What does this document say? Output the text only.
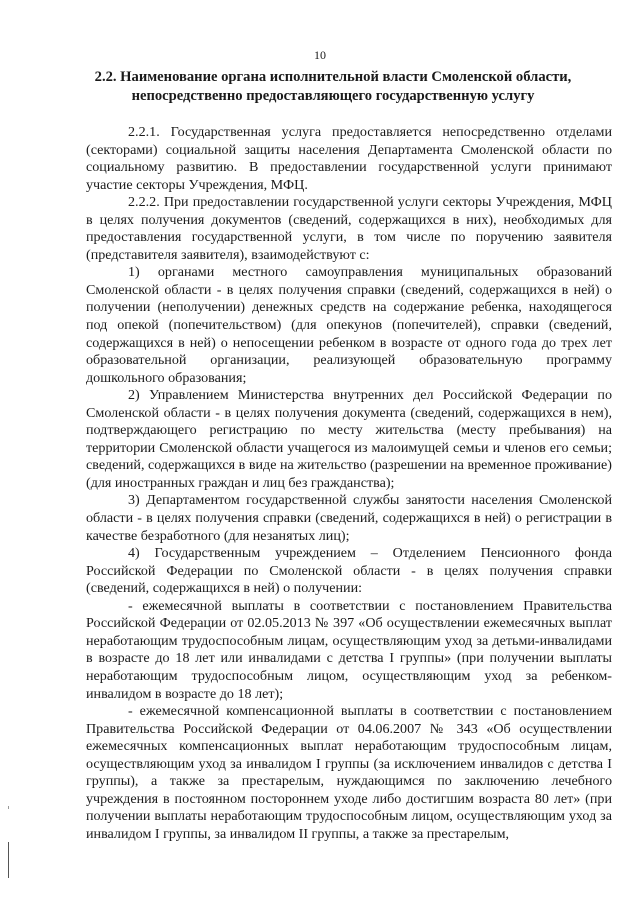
10
2.2. Наименование органа исполнительной власти Смоленской области,
непосредственно предоставляющего государственную услугу

2.2.1. Государственная услуга предоставляется непосредственно отделами (секторами) социальной защиты населения Департамента Смоленской области по социальному развитию. В предоставлении государственной услуги принимают участие секторы Учреждения, МФЦ.

2.2.2. При предоставлении государственной услуги секторы Учреждения, МФЦ в целях получения документов (сведений, содержащихся в них), необходимых для предоставления государственной услуги, в том числе по поручению заявителя (представителя заявителя), взаимодействуют с:

1) органами местного самоуправления муниципальных образований Смоленской области - в целях получения справки (сведений, содержащихся в ней) о получении (неполучении) денежных средств на содержание ребенка, находящегося под опекой (попечительством) (для опекунов (попечителей), справки (сведений, содержащихся в ней) о непосещении ребенком в возрасте от одного года до трех лет образовательной организации, реализующей образовательную программу дошкольного образования;

2) Управлением Министерства внутренних дел Российской Федерации по Смоленской области - в целях получения документа (сведений, содержащихся в нем), подтверждающего регистрацию по месту жительства (месту пребывания) на территории Смоленской области учащегося из малоимущей семьи и членов его семьи; сведений, содержащихся в виде на жительство (разрешении на временное проживание) (для иностранных граждан и лиц без гражданства);

3) Департаментом государственной службы занятости населения Смоленской области - в целях получения справки (сведений, содержащихся в ней) о регистрации в качестве безработного (для незанятых лиц);

4) Государственным учреждением – Отделением Пенсионного фонда Российской Федерации по Смоленской области - в целях получения справки (сведений, содержащихся в ней) о получении:

- ежемесячной выплаты в соответствии с постановлением Правительства Российской Федерации от 02.05.2013 № 397 «Об осуществлении ежемесячных выплат неработающим трудоспособным лицам, осуществляющим уход за детьми-инвалидами в возрасте до 18 лет или инвалидами с детства I группы» (при получении выплаты неработающим трудоспособным лицом, осуществляющим уход за ребенком-инвалидом в возрасте до 18 лет);

- ежемесячной компенсационной выплаты в соответствии с постановлением Правительства Российской Федерации от 04.06.2007 № 343 «Об осуществлении ежемесячных компенсационных выплат неработающим трудоспособным лицам, осуществляющим уход за инвалидом I группы (за исключением инвалидов с детства I группы), а также за престарелым, нуждающимся по заключению лечебного учреждения в постоянном постороннем уходе либо достигшим возраста 80 лет» (при получении выплаты неработающим трудоспособным лицом, осуществляющим уход за инвалидом I группы, за инвалидом II группы, а также за престарелым,
